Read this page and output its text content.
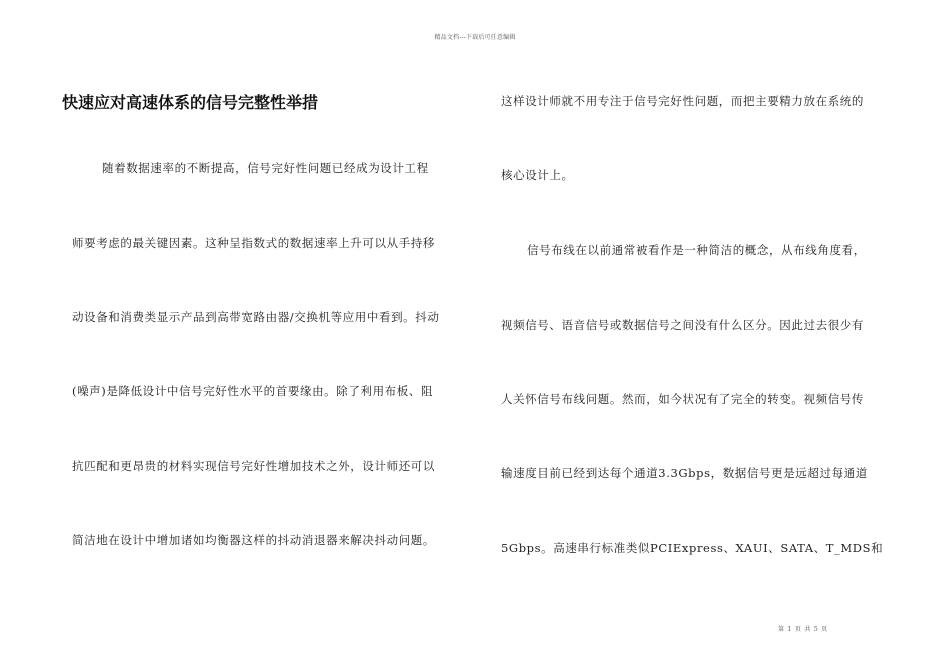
精品文档---下载后可任意编辑
快速应对高速体系的信号完整性举措
随着数据速率的不断提高，信号完好性问题已经成为设计工程
师要考虑的最关键因素。这种呈指数式的数据速率上升可以从手持移
动设备和消费类显示产品到高带宽路由器/交换机等应用中看到。抖动
(噪声)是降低设计中信号完好性水平的首要缘由。除了利用布板、阻
抗匹配和更昂贵的材料实现信号完好性增加技术之外，设计师还可以
简洁地在设计中增加诸如均衡器这样的抖动消退器来解决抖动问题。
这样设计师就不用专注于信号完好性问题，而把主要精力放在系统的
核心设计上。
信号布线在以前通常被看作是一种简洁的概念，从布线角度看，
视频信号、语音信号或数据信号之间没有什么区分。因此过去很少有
人关怀信号布线问题。然而，如今状况有了完全的转变。视频信号传
输速度目前已经到达每个通道3.3Gbps，数据信号更是远超过每通道
5Gbps。高速串行标准类似PCIExpress、XAUI、SATA、T_MDS和
第 1 页 共 5 页
